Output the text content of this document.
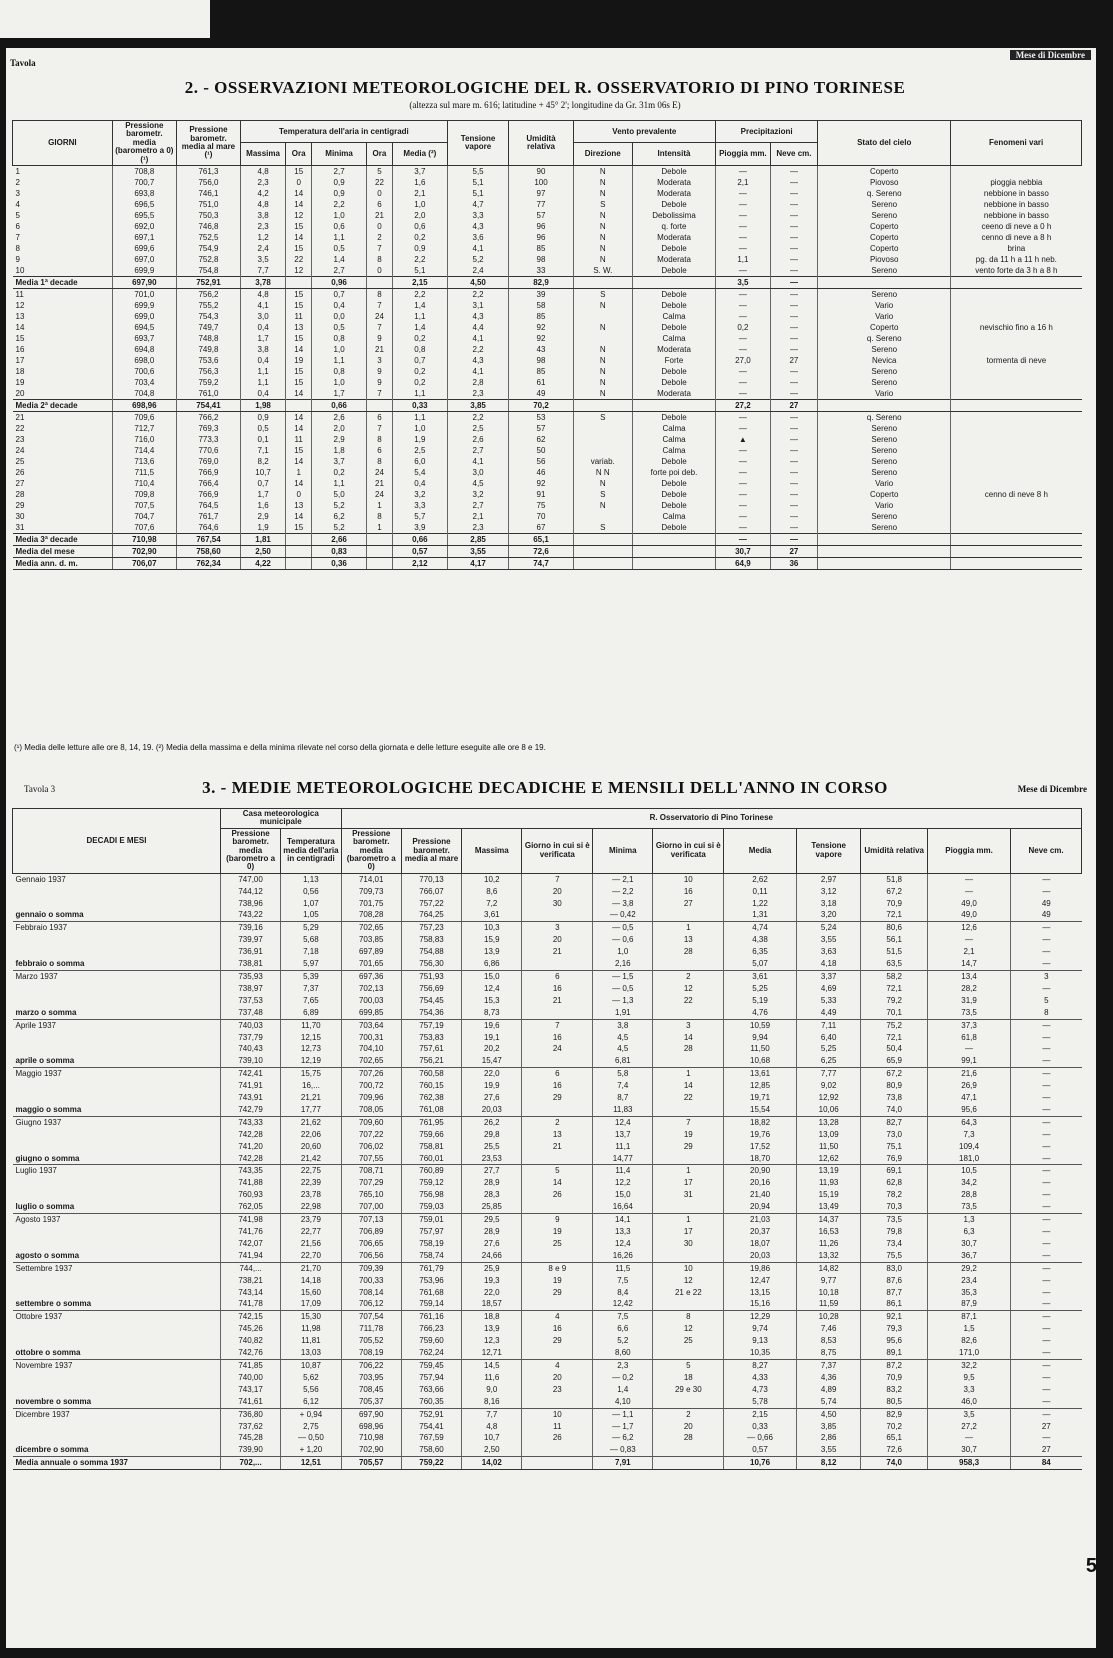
Tavola
Mese di Dicembre
2. - OSSERVAZIONI METEOROLOGICHE DEL R. OSSERVATORIO DI PINO TORINESE
(altezza sul mare m. 616; latitudine + 45° 2'; longitudine da Gr. 31m 06s E)
GIORNI	Pressione barometr. media (barometro a 0) (¹)	Pressione barometr. media al mare (¹)	Temperatura dell'aria in centigradi					Tensione vapore	Umidità relativa	Vento prevalente		Precipitazioni		Stato del cielo	Fenomeni vari
			Massima	Ora	Minima	Ora	Media (²)			Direzione	Intensità	Pioggia mm.	Neve cm.		
1	708,8	761,3	4,8	15	2,7	5	3,7	5,5	90	N	Debole	—	—	Coperto	
2	700,7	756,0	2,3	0	0,9	22	1,6	5,1	100	N	Moderata	2,1	—	Piovoso	pioggia nebbia
3	693,8	746,1	4,2	14	0,9	0	2,1	5,1	97	N	Moderata	—	—	q. Sereno	nebbione in basso
4	696,5	751,0	4,8	14	2,2	6	1,0	4,7	77	S	Debole	—	—	Sereno	nebbione in basso
5	695,5	750,3	3,8	12	1,0	21	2,0	3,3	57	N	Debolissima	—	—	Sereno	nebbione in basso
6	692,0	746,8	2,3	15	0,6	0	0,6	4,3	96	N	q. forte	—	—	Coperto	ceeno di neve a 0 h
7	697,1	752,5	1,2	14	1,1	2	0,2	3,6	96	N	Moderata	—	—	Coperto	cenno di neve a 8 h
8	699,6	754,9	2,4	15	0,5	7	0,9	4,1	85	N	Debole	—	—	Coperto	brina
9	697,0	752,8	3,5	22	1,4	8	2,2	5,2	98	N	Moderata	1,1	—	Piovoso	pg. da 11 h a 11 h neb.
10	699,9	754,8	7,7	12	2,7	0	5,1	2,4	33	S. W.	Debole	—	—	Sereno	vento forte da 3 h a 8 h
Media 1ª decade	697,90	752,91	3,78		0,96		2,15	4,50	82,9			3,5	—		
11	701,0	756,2	4,8	15	0,7	8	2,2	2,2	39	S	Debole	—	—	Sereno	
12	699,9	755,2	4,1	15	0,4	7	1,4	3,1	58	N	Debole	—	—	Vario	
13	699,0	754,3	3,0	11	0,0	24	1,1	4,3	85		Calma	—	—	Vario	
14	694,5	749,7	0,4	13	0,5	7	1,4	4,4	92	N	Debole	0,2	—	Coperto	nevischio fino a 16 h
15	693,7	748,8	1,7	15	0,8	9	0,2	4,1	92		Calma	—	—	q. Sereno	
16	694,8	749,8	3,8	14	1,0	21	0,8	2,2	43	N	Moderata	—	—	Sereno	
17	698,0	753,6	0,4	19	1,1	3	0,7	4,3	98	N	Forte	27,0	27	Nevica	tormenta di neve
18	700,6	756,3	1,1	15	0,8	9	0,2	4,1	85	N	Debole	—	—	Sereno	
19	703,4	759,2	1,1	15	1,0	9	0,2	2,8	61	N	Debole	—	—	Sereno	
20	704,8	761,0	0,4	14	1,7	7	1,1	2,3	49	N	Moderata	—	—	Vario	
Media 2ª decade	698,96	754,41	1,98		0,66		0,33	3,85	70,2			27,2	27		
21	709,6	766,2	0,9	14	2,6	6	1,1	2,2	53	S	Debole	—	—	q. Sereno	
22	712,7	769,3	0,5	14	2,0	7	1,0	2,5	57		Calma	—	—	Sereno	
23	716,0	773,3	0,1	11	2,9	8	1,9	2,6	62		Calma	▲	—	Sereno	
24	714,4	770,6	7,1	15	1,8	6	2,5	2,7	50		Calma	—	—	Sereno	
25	713,6	769,0	8,2	14	3,7	8	6,0	4,1	56	variab.	Debole	—	—	Sereno	
26	711,5	766,9	10,7	1	0,2	24	5,4	3,0	46	N N	forte poi deb.	—	—	Sereno	
27	710,4	766,4	0,7	14	1,1	21	0,4	4,5	92	N	Debole	—	—	Vario	
28	709,8	766,9	1,7	0	5,0	24	3,2	3,2	91	S	Debole	—	—	Coperto	cenno di neve 8 h
29	707,5	764,5	1,6	13	5,2	1	3,3	2,7	75	N	Debole	—	—	Vario	
30	704,7	761,7	2,9	14	6,2	8	5,7	2,1	70		Calma	—	—	Sereno	
31	707,6	764,6	1,9	15	5,2	1	3,9	2,3	67	S	Debole	—	—	Sereno	
Media 3ª decade	710,98	767,54	1,81		2,66		0,66	2,85	65,1			—	—		
Media del mese	702,90	758,60	2,50		0,83		0,57	3,55	72,6			30,7	27		
Media ann. d. m.	706,07	762,34	4,22		0,36		2,12	4,17	74,7			64,9	36		
(¹) Media delle letture alle ore 8, 14, 19. (²) Media della massima e della minima rilevate nel corso della giornata e delle letture eseguite alle ore 8 e 19.
Tavola 3	3. - MEDIE METEOROLOGICHE DECADICHE E MENSILI DELL'ANNO IN CORSO	Mese di Dicembre
DECADI E MESI	Casa meteorologica municipale		R. Osservatorio di Pino Torinese										
	Pressione barometr. media (barometro a 0)	Temperatura media dell'aria in centigradi	Pressione barometr. media (barometro a 0)	Pressione barometr. media al mare	Massima	Giorno in cui si è verificata	Minima	Giorno in cui si è verificata	Media	Tensione vapore	Umidità relativa	Pioggia mm.	Neve cm.
Gennaio 1937	747,00	1,13	714,01	770,13	10,2	7	— 2,1	10	2,62	2,97	51,8	—	—
	744,12	0,56	709,73	766,07	8,6	20	— 2,2	16	0,11	3,12	67,2	—	—
	738,96	1,07	701,75	757,22	7,2	30	— 3,8	27	1,22	3,18	70,9	49,0	49
gennaio o somma	743,22	1,05	708,28	764,25	3,61		— 0,42		1,31	3,20	72,1	49,0	49
Febbraio 1937	739,16	5,29	702,65	757,23	10,3	3	— 0,5	1	4,74	5,24	80,6	12,6	—
	739,97	5,68	703,85	758,83	15,9	20	— 0,6	13	4,38	3,55	56,1	—	—
	736,91	7,18	697,89	754,88	13,9	21	1,0	28	6,35	3,63	51,5	2,1	—
febbraio o somma	738,81	5,97	701,65	756,30	6,86		2,16		5,07	4,18	63,5	14,7	—
Marzo 1937	735,93	5,39	697,36	751,93	15,0	6	— 1,5	2	3,61	3,37	58,2	13,4	3
	738,97	7,37	702,13	756,69	12,4	16	— 0,5	12	5,25	4,69	72,1	28,2	—
	737,53	7,65	700,03	754,45	15,3	21	— 1,3	22	5,19	5,33	79,2	31,9	5
marzo o somma	737,48	6,89	699,85	754,36	8,73		1,91		4,76	4,49	70,1	73,5	8
Aprile 1937	740,03	11,70	703,64	757,19	19,6	7	3,8	3	10,59	7,11	75,2	37,3	—
	737,79	12,15	700,31	753,83	19,1	16	4,5	14	9,94	6,40	72,1	61,8	—
	740,43	12,73	704,10	757,61	20,2	24	4,5	28	11,50	5,25	50,4	—	—
aprile o somma	739,10	12,19	702,65	756,21	15,47		6,81		10,68	6,25	65,9	99,1	—
Maggio 1937	742,41	15,75	707,26	760,58	22,0	6	5,8	1	13,61	7,77	67,2	21,6	—
	741,91	16,...	700,72	760,15	19,9	16	7,4	14	12,85	9,02	80,9	26,9	—
	743,91	21,21	709,96	762,38	27,6	29	8,7	22	19,71	12,92	73,8	47,1	—
maggio o somma	742,79	17,77	708,05	761,08	20,03		11,83		15,54	10,06	74,0	95,6	—
Giugno 1937	743,33	21,62	709,60	761,95	26,2	2	12,4	7	18,82	13,28	82,7	64,3	—
	742,28	22,06	707,22	759,66	29,8	13	13,7	19	19,76	13,09	73,0	7,3	—
	741,20	20,60	706,02	758,81	25,5	21	11,1	29	17,52	11,50	75,1	109,4	—
giugno o somma	742,28	21,42	707,55	760,01	23,53		14,77		18,70	12,62	76,9	181,0	—
Luglio 1937	743,35	22,75	708,71	760,89	27,7	5	11,4	1	20,90	13,19	69,1	10,5	—
	741,88	22,39	707,29	759,12	28,9	14	12,2	17	20,16	11,93	62,8	34,2	—
	760,93	23,78	765,10	756,98	28,3	26	15,0	31	21,40	15,19	78,2	28,8	—
luglio o somma	762,05	22,98	707,00	759,03	25,85		16,64		20,94	13,49	70,3	73,5	—
Agosto 1937	741,98	23,79	707,13	759,01	29,5	9	14,1	1	21,03	14,37	73,5	1,3	—
	741,76	22,77	706,89	757,97	28,9	19	13,3	17	20,37	16,53	79,8	6,3	—
	742,07	21,56	706,65	758,19	27,6	25	12,4	30	18,07	11,26	73,4	30,7	—
agosto o somma	741,94	22,70	706,56	758,74	24,66		16,26		20,03	13,32	75,5	36,7	—
Settembre 1937	744,...	21,70	709,39	761,79	25,9	8 e 9	11,5	10	19,86	14,82	83,0	29,2	—
	738,21	14,18	700,33	753,96	19,3	19	7,5	12	12,47	9,77	87,6	23,4	—
	743,14	15,60	708,14	761,68	22,0	29	8,4	21 e 22	13,15	10,18	87,7	35,3	—
settembre o somma	741,78	17,09	706,12	759,14	18,57		12,42		15,16	11,59	86,1	87,9	—
Ottobre 1937	742,15	15,30	707,54	761,16	18,8	4	7,5	8	12,29	10,28	92,1	87,1	—
	745,26	11,98	711,78	766,23	13,9	16	6,6	12	9,74	7,46	79,3	1,5	—
	740,82	11,81	705,52	759,60	12,3	29	5,2	25	9,13	8,53	95,6	82,6	—
ottobre o somma	742,76	13,03	708,19	762,24	12,71		8,60		10,35	8,75	89,1	171,0	—
Novembre 1937	741,85	10,87	706,22	759,45	14,5	4	2,3	5	8,27	7,37	87,2	32,2	—
	740,00	5,62	703,95	757,94	11,6	20	— 0,2	18	4,33	4,36	70,9	9,5	—
	743,17	5,56	708,45	763,66	9,0	23	1,4	29 e 30	4,73	4,89	83,2	3,3	—
novembre o somma	741,61	6,12	705,37	760,35	8,16		4,10		5,78	5,74	80,5	46,0	—
Dicembre 1937	736,80	+ 0,94	697,90	752,91	7,7	10	— 1,1	2	2,15	4,50	82,9	3,5	—
	737,62	2,75	698,96	754,41	4,8	11	— 1,7	20	0,33	3,85	70,2	27,2	27
	745,28	— 0,50	710,98	767,59	10,7	26	— 6,2	28	— 0,66	2,86	65,1	—	—
dicembre o somma	739,90	+ 1,20	702,90	758,60	2,50		— 0,83		0,57	3,55	72,6	30,7	27
Media annuale o somma 1937	702,...	12,51	705,57	759,22	14,02		7,91		10,76	8,12	74,0	958,3	84
5
